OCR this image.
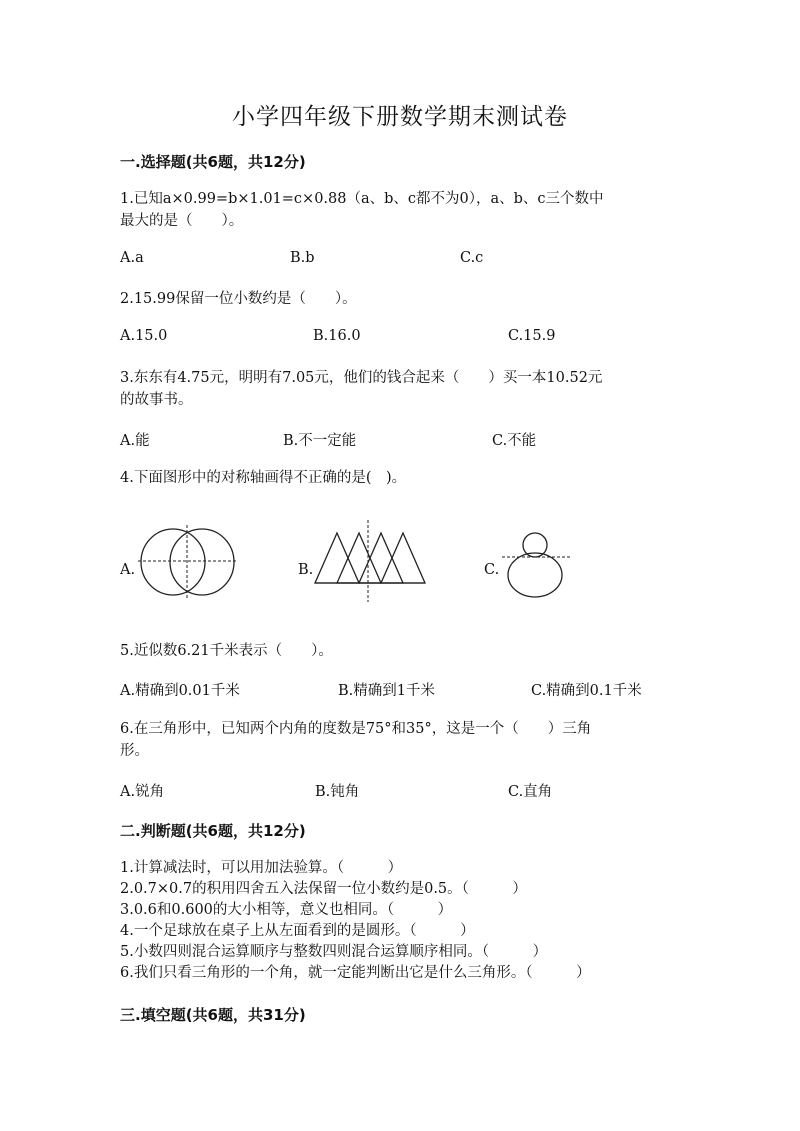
小学四年级下册数学期末测试卷
一.选择题(共6题，共12分)
1.已知a×0.99=b×1.01=c×0.88（a、b、c都不为0），a、b、c三个数中
最大的是（　　）。
A.a	B.b	C.c
2.15.99保留一位小数约是（　　）。
A.15.0	B.16.0	C.15.9
3.东东有4.75元，明明有7.05元，他们的钱合起来（　　）买一本10.52元
的故事书。
A.能	B.不一定能	C.不能
4.下面图形中的对称轴画得不正确的是(　)。
A.	B.	C.
5.近似数6.21千米表示（　　）。
A.精确到0.01千米	B.精确到1千米	C.精确到0.1千米
6.在三角形中，已知两个内角的度数是75°和35°，这是一个（　　）三角
形。
A.锐角	B.钝角	C.直角
二.判断题(共6题，共12分)
1.计算减法时，可以用加法验算。（　　　）
2.0.7×0.7的积用四舍五入法保留一位小数约是0.5。（　　　）
3.0.6和0.600的大小相等，意义也相同。（　　　）
4.一个足球放在桌子上从左面看到的是圆形。（　　　）
5.小数四则混合运算顺序与整数四则混合运算顺序相同。（　　　）
6.我们只看三角形的一个角，就一定能判断出它是什么三角形。（　　　）
三.填空题(共6题，共31分)
